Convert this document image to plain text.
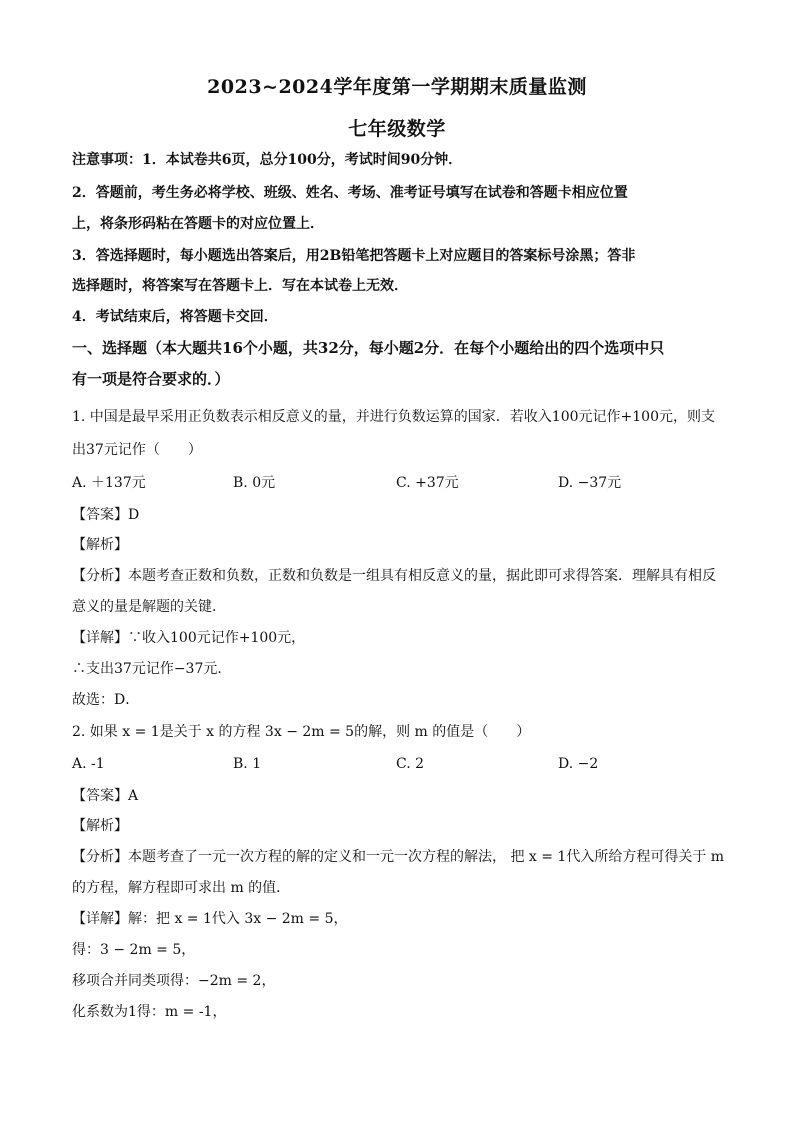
2023~2024学年度第一学期期末质量监测
七年级数学
注意事项：1．本试卷共6页，总分100分，考试时间90分钟．
2．答题前，考生务必将学校、班级、姓名、考场、准考证号填写在试卷和答题卡相应位置
上，将条形码粘在答题卡的对应位置上．
3．答选择题时，每小题选出答案后，用2B铅笔把答题卡上对应题目的答案标号涂黑；答非
选择题时，将答案写在答题卡上．写在本试卷上无效．
4．考试结束后，将答题卡交回．
一、选择题（本大题共16个小题，共32分，每小题2分．在每个小题给出的四个选项中只
有一项是符合要求的．）
1. 中国是最早采用正负数表示相反意义的量，并进行负数运算的国家．若收入100元记作+100元，则支
出37元记作（　　）
A. ＋137元	B. 0元	C. +37元	D. −37元
【答案】D
【解析】
【分析】本题考查正数和负数，正数和负数是一组具有相反意义的量，据此即可求得答案．理解具有相反
意义的量是解题的关键．
【详解】∵收入100元记作+100元，
∴支出37元记作−37元．
故选：D．
2. 如果 x = 1是关于 x 的方程 3x − 2m = 5的解，则 m 的值是（　　）
A. -1	B. 1	C. 2	D. −2
【答案】A
【解析】
【分析】本题考查了一元一次方程的解的定义和一元一次方程的解法， 把 x = 1代入所给方程可得关于 m
的方程，解方程即可求出 m 的值．
【详解】解：把 x = 1代入 3x − 2m = 5，
得：3 − 2m = 5，
移项合并同类项得：−2m = 2，
化系数为1得：m = -1，
